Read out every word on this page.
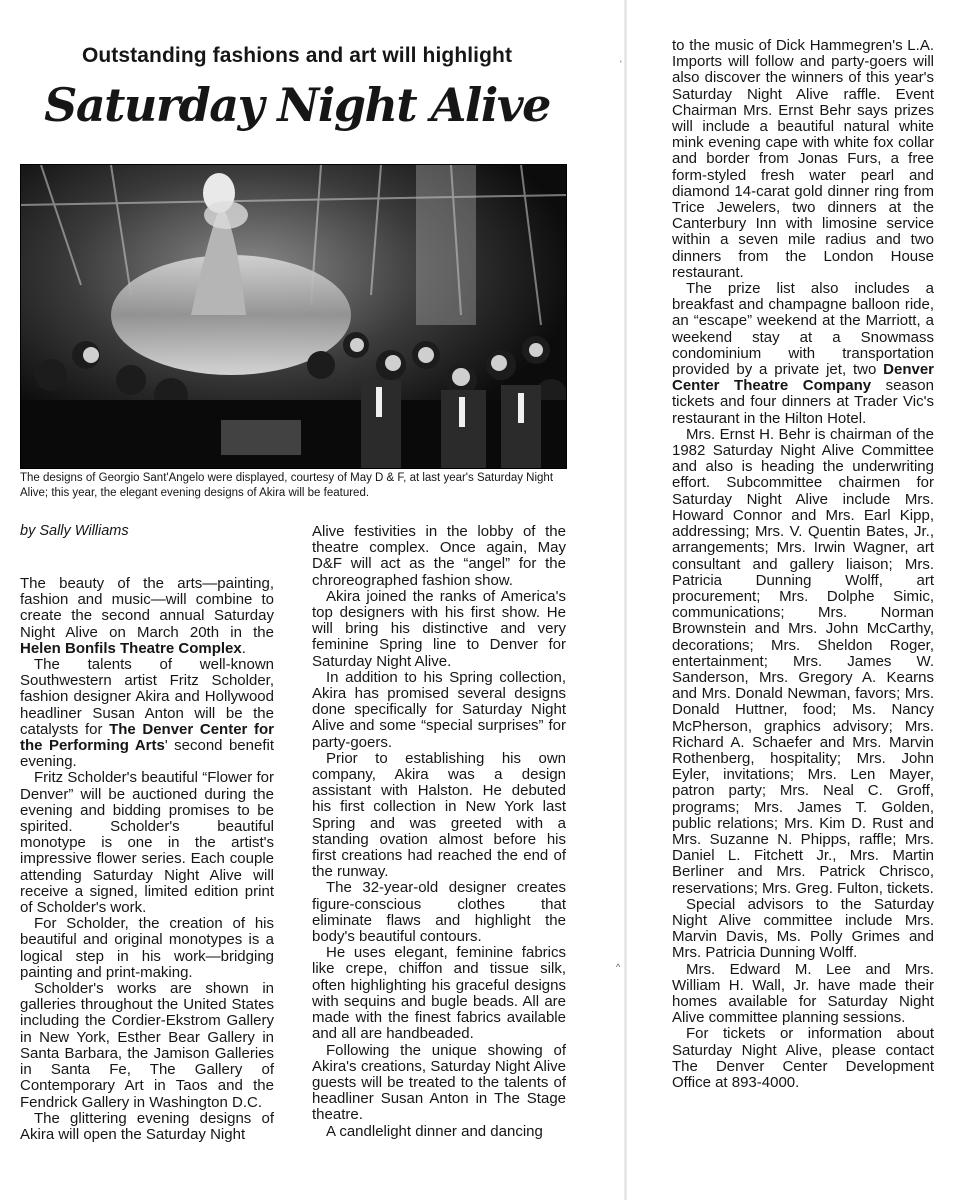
'
^
Outstanding fashions and art will highlight
Saturday Night Alive
The designs of Georgio Sant'Angelo were displayed, courtesy of May D & F, at last year's Saturday Night Alive; this year, the elegant evening designs of Akira will be featured.
by Sally Williams

The beauty of the arts—painting, fashion and music—will combine to create the second annual Saturday Night Alive on March 20th in the Helen Bonfils Theatre Complex.

The talents of well-known Southwestern artist Fritz Scholder, fashion designer Akira and Hollywood headliner Susan Anton will be the catalysts for The Denver Center for the Performing Arts' second benefit evening.

Fritz Scholder's beautiful “Flower for Denver” will be auctioned during the evening and bidding promises to be spirited. Scholder's beautiful monotype is one in the artist's impressive flower series. Each couple attending Saturday Night Alive will receive a signed, limited edition print of Scholder's work.

For Scholder, the creation of his beautiful and original monotypes is a logical step in his work—bridging painting and print-making.

Scholder's works are shown in galleries throughout the United States including the Cordier-Ekstrom Gallery in New York, Esther Bear Gallery in Santa Barbara, the Jamison Galleries in Santa Fe, The Gallery of Contemporary Art in Taos and the Fendrick Gallery in Washington D.C.

The glittering evening designs of Akira will open the Saturday Night

Alive festivities in the lobby of the theatre complex. Once again, May D&F will act as the “angel” for the chroreographed fashion show.

Akira joined the ranks of America's top designers with his first show. He will bring his distinctive and very feminine Spring line to Denver for Saturday Night Alive.

In addition to his Spring collection, Akira has promised several designs done specifically for Saturday Night Alive and some “special surprises” for party-goers.

Prior to establishing his own company, Akira was a design assistant with Halston. He debuted his first collection in New York last Spring and was greeted with a standing ovation almost before his first creations had reached the end of the runway.

The 32-year-old designer creates figure-conscious clothes that eliminate flaws and highlight the body's beautiful contours.

He uses elegant, feminine fabrics like crepe, chiffon and tissue silk, often highlighting his graceful designs with sequins and bugle beads. All are made with the finest fabrics available and all are handbeaded.

Following the unique showing of Akira's creations, Saturday Night Alive guests will be treated to the talents of headliner Susan Anton in The Stage theatre.

A candlelight dinner and dancing

to the music of Dick Hammegren's L.A. Imports will follow and party-goers will also discover the winners of this year's Saturday Night Alive raffle. Event Chairman Mrs. Ernst Behr says prizes will include a beautiful natural white mink evening cape with white fox collar and border from Jonas Furs, a free form-styled fresh water pearl and diamond 14-carat gold dinner ring from Trice Jewelers, two dinners at the Canterbury Inn with limosine service within a seven mile radius and two dinners from the London House restaurant.

The prize list also includes a breakfast and champagne balloon ride, an “escape” weekend at the Marriott, a weekend stay at a Snowmass condominium with transportation provided by a private jet, two Denver Center Theatre Company season tickets and four dinners at Trader Vic's restaurant in the Hilton Hotel.

Mrs. Ernst H. Behr is chairman of the 1982 Saturday Night Alive Committee and also is heading the underwriting effort. Subcommittee chairmen for Saturday Night Alive include Mrs. Howard Connor and Mrs. Earl Kipp, addressing; Mrs. V. Quentin Bates, Jr., arrangements; Mrs. Irwin Wagner, art consultant and gallery liaison; Mrs. Patricia Dunning Wolff, art procurement; Mrs. Dolphe Simic, communications; Mrs. Norman Brownstein and Mrs. John McCarthy, decorations; Mrs. Sheldon Roger, entertainment; Mrs. James W. Sanderson, Mrs. Gregory A. Kearns and Mrs. Donald Newman, favors; Mrs. Donald Huttner, food; Ms. Nancy McPherson, graphics advisory; Mrs. Richard A. Schaefer and Mrs. Marvin Rothenberg, hospitality; Mrs. John Eyler, invitations; Mrs. Len Mayer, patron party; Mrs. Neal C. Groff, programs; Mrs. James T. Golden, public relations; Mrs. Kim D. Rust and Mrs. Suzanne N. Phipps, raffle; Mrs. Daniel L. Fitchett Jr., Mrs. Martin Berliner and Mrs. Patrick Chrisco, reservations; Mrs. Greg. Fulton, tickets.

Special advisors to the Saturday Night Alive committee include Mrs. Marvin Davis, Ms. Polly Grimes and Mrs. Patricia Dunning Wolff.

Mrs. Edward M. Lee and Mrs. William H. Wall, Jr. have made their homes available for Saturday Night Alive committee planning sessions.

For tickets or information about Saturday Night Alive, please contact The Denver Center Development Office at 893-4000.
